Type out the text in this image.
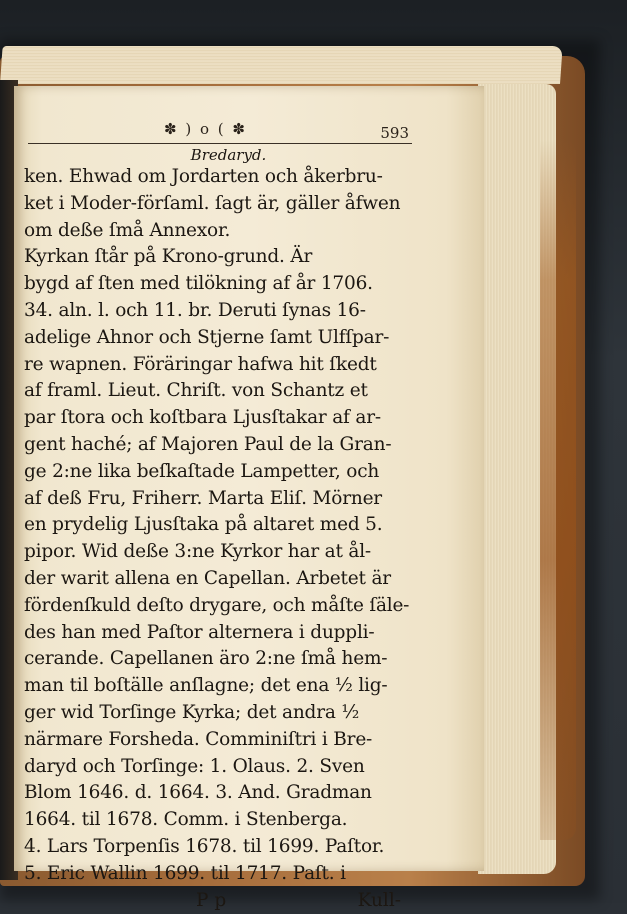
✽ ) o ( ✽	593
Bredaryd.
ken. Ehwad om Jordarten och åkerbru-
ket i Moder-förſaml. ſagt är, gäller åfwen
om deße ſmå Annexor.
Kyrkan ſtår på Krono-grund. Är
bygd af ſten med tilökning af år 1706.
34. aln. l. och 11. br. Deruti ſynas 16-
adelige Ahnor och Stjerne ſamt Ulfſpar-
re wapnen. Föräringar hafwa hit ſkedt
af framl. Lieut. Chriſt. von Schantz et
par ſtora och koſtbara Ljusſtakar af ar-
gent haché; af Majoren Paul de la Gran-
ge 2:ne lika beſkaſtade Lampetter, och
af deß Fru, Friherr. Marta Eliſ. Mörner
en prydelig Ljusſtaka på altaret med 5.
pipor. Wid deße 3:ne Kyrkor har at ål-
der warit allena en Capellan. Arbetet är
fördenſkuld deſto drygare, och måſte ſäle-
des han med Paſtor alternera i duppli-
cerande. Capellanen äro 2:ne ſmå hem-
man til boſtälle anſlagne; det ena ½ lig-
ger wid Torſinge Kyrka; det andra ½
närmare Forsheda. Comminiſtri i Bre-
daryd och Torſinge: 1. Olaus. 2. Sven
Blom 1646. d. 1664. 3. And. Gradman
1664. til 1678. Comm. i Stenberga.
4. Lars Torpenſis 1678. til 1699. Paſtor.
5. Eric Wallin 1699. til 1717. Paſt. i
P p	Kull-
